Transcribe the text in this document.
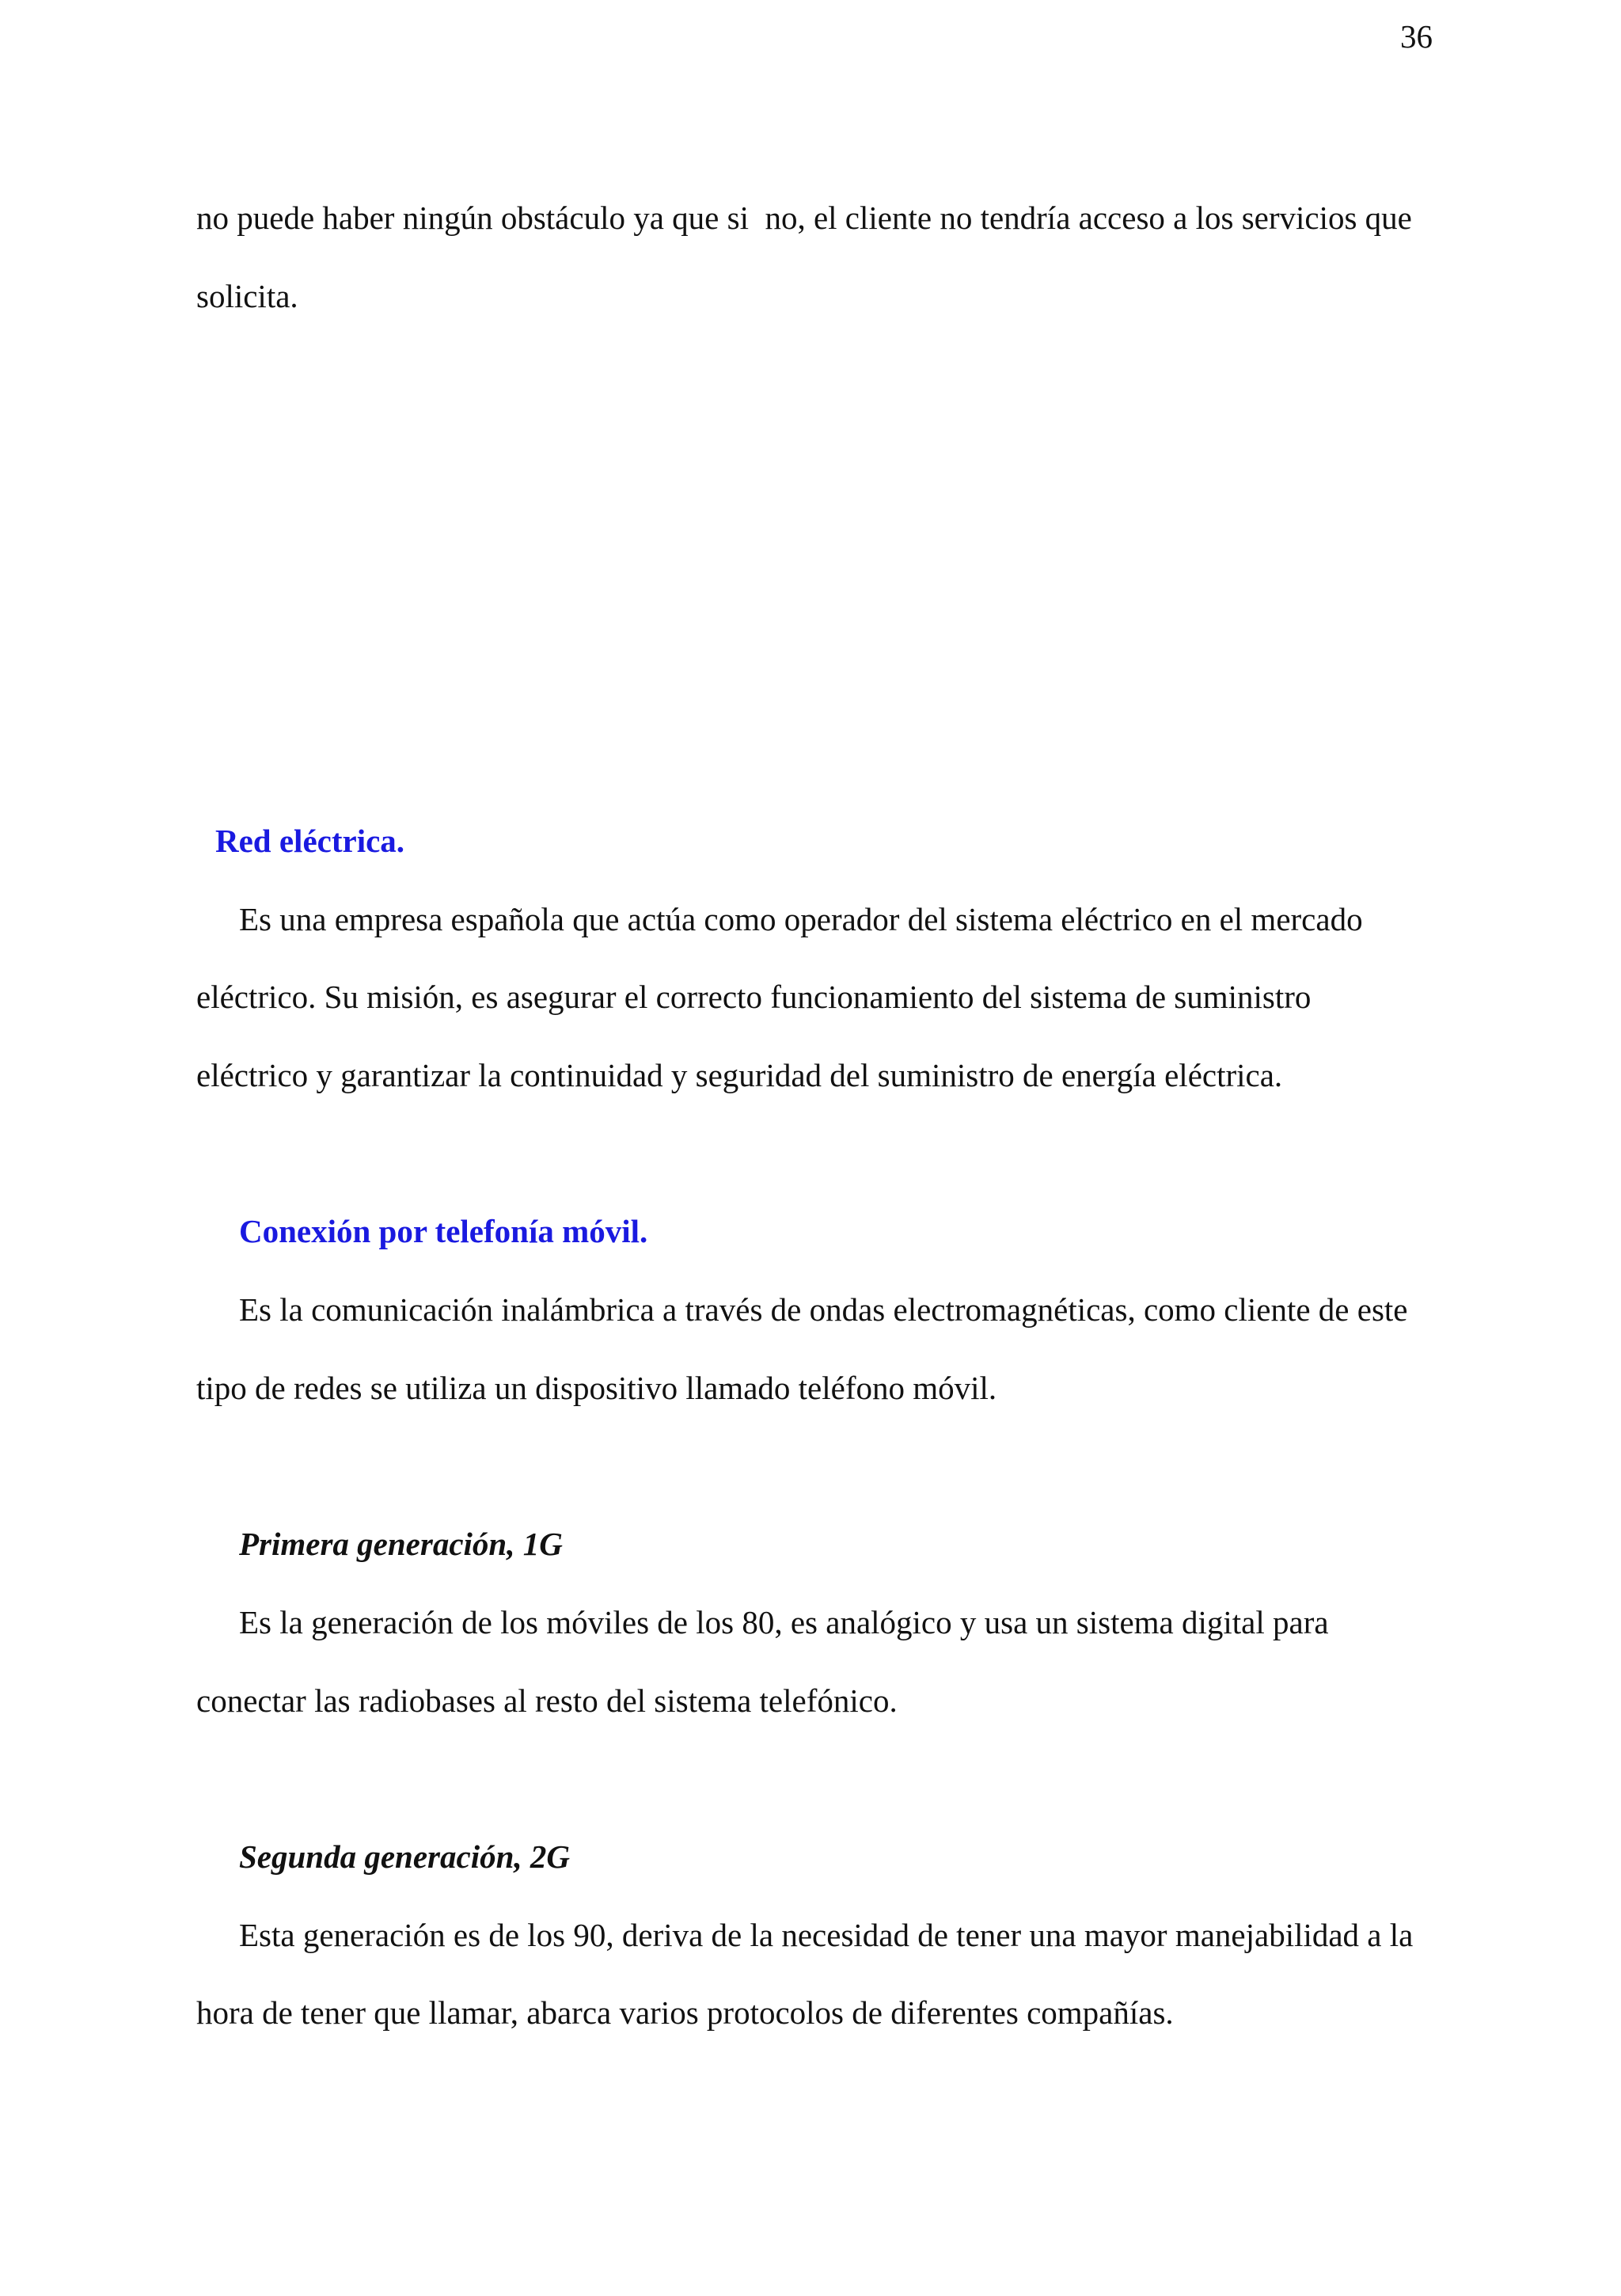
36
no puede haber ningún obstáculo ya que si  no, el cliente no tendría acceso a los servicios que
solicita.
Red eléctrica.
Es una empresa española que actúa como operador del sistema eléctrico en el mercado
eléctrico. Su misión, es asegurar el correcto funcionamiento del sistema de suministro
eléctrico y garantizar la continuidad y seguridad del suministro de energía eléctrica.
Conexión por telefonía móvil.
Es la comunicación inalámbrica a través de ondas electromagnéticas, como cliente de este
tipo de redes se utiliza un dispositivo llamado teléfono móvil.
Primera generación, 1G
Es la generación de los móviles de los 80, es analógico y usa un sistema digital para
conectar las radiobases al resto del sistema telefónico.
Segunda generación, 2G
Esta generación es de los 90, deriva de la necesidad de tener una mayor manejabilidad a la
hora de tener que llamar, abarca varios protocolos de diferentes compañías.
